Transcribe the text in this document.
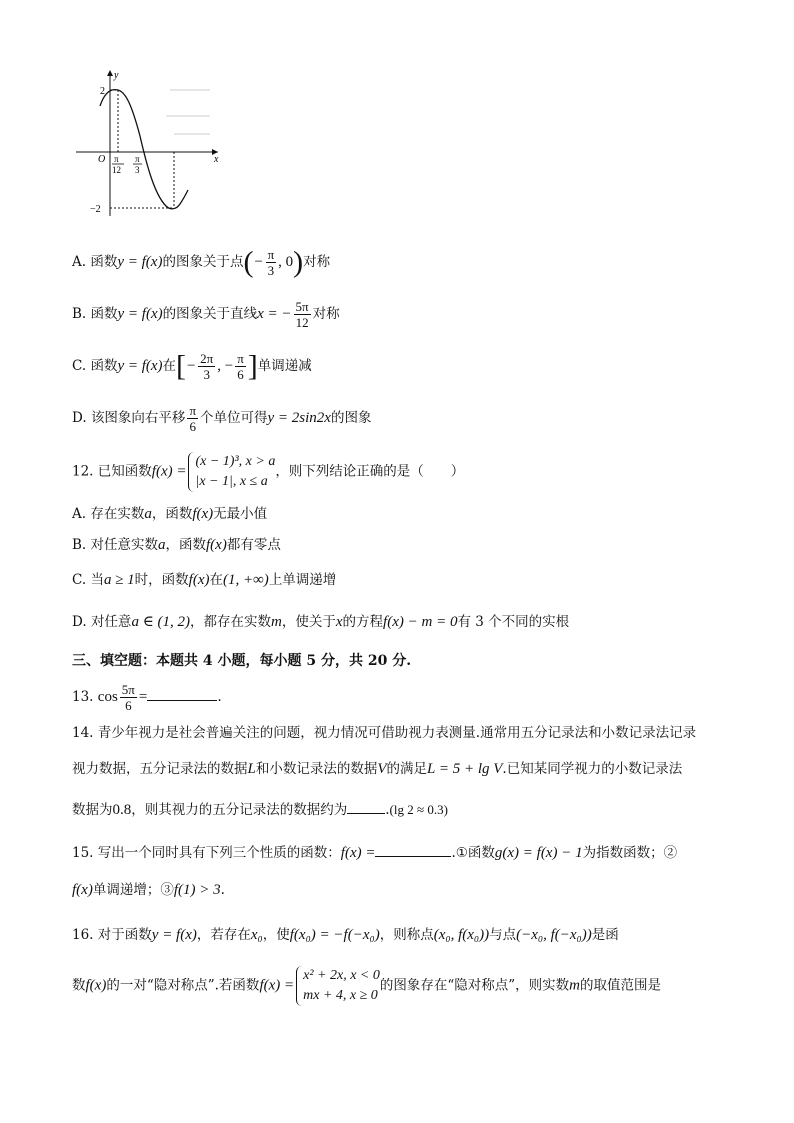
y
x
O
2
−2
π
12
π
3
A. 函数y = f(x)的图象关于点(− $\frac{\pi}{3}$ , 0)对称
B. 函数y = f(x)的图象关于直线x = − $\frac{5\pi}{12}$ 对称
C. 函数y = f(x)在[− $\frac{2\pi}{3}$ , − $\frac{\pi}{6}$ ]单调递减
D. 该图象向右平移 $\frac{\pi}{6}$ 个单位可得y = 2sin2x的图象
12. 已知函数f(x) =
(x − 1)³, x > a
|x − 1|, x ≤ a
，则下列结论正确的是（　　）
A. 存在实数a，函数f(x)无最小值
B. 对任意实数a，函数f(x)都有零点
C. 当a ≥ 1时，函数f(x)在(1, +∞)上单调递增
D. 对任意a ∈ (1, 2)，都存在实数m，使关于x的方程f(x) − m = 0有 3 个不同的实根
三、填空题：本题共 4 小题，每小题 5 分，共 20 分.
13. $\cos \frac{5\pi}{6}$ =	.
14. 青少年视力是社会普遍关注的问题，视力情况可借助视力表测量.通常用五分记录法和小数记录法记录
视力数据，五分记录法的数据L和小数记录法的数据V的满足L = 5 + lg V.已知某同学视力的小数记录法
数据为0.8，则其视力的五分记录法的数据约为	.(lg 2 ≈ 0.3)
15. 写出一个同时具有下列三个性质的函数：f(x) =	.①函数g(x) = f(x) − 1为指数函数；②
f(x)单调递增；③f(1) > 3.
16. 对于函数y = f(x)，若存在x₀，使f(x₀) = −f(−x₀)，则称点(x₀, f(x₀))与点(−x₀, f(−x₀))是函
数f(x)的一对“隐对称点”.若函数f(x) =
x² + 2x, x < 0
mx + 4, x ≥ 0
的图象存在“隐对称点”，则实数m的取值范围是
